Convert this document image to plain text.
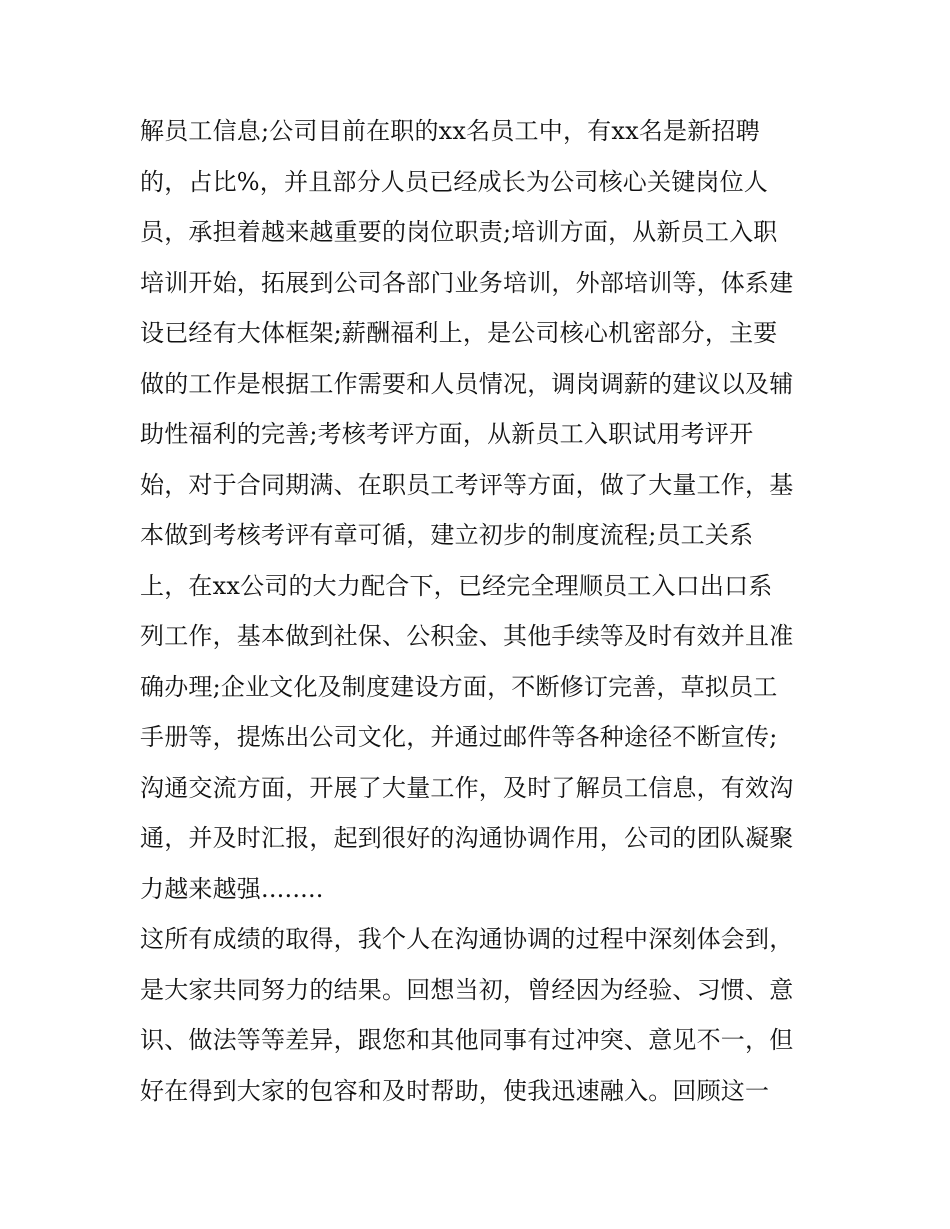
解员工信息;公司目前在职的xx名员工中，有xx名是新招聘
的，占比%，并且部分人员已经成长为公司核心关键岗位人
员，承担着越来越重要的岗位职责;培训方面，从新员工入职
培训开始，拓展到公司各部门业务培训，外部培训等，体系建
设已经有大体框架;薪酬福利上，是公司核心机密部分，主要
做的工作是根据工作需要和人员情况，调岗调薪的建议以及辅
助性福利的完善;考核考评方面，从新员工入职试用考评开
始，对于合同期满、在职员工考评等方面，做了大量工作，基
本做到考核考评有章可循，建立初步的制度流程;员工关系
上，在xx公司的大力配合下，已经完全理顺员工入口出口系
列工作，基本做到社保、公积金、其他手续等及时有效并且准
确办理;企业文化及制度建设方面，不断修订完善，草拟员工
手册等，提炼出公司文化，并通过邮件等各种途径不断宣传;
沟通交流方面，开展了大量工作，及时了解员工信息，有效沟
通，并及时汇报，起到很好的沟通协调作用，公司的团队凝聚
力越来越强........
这所有成绩的取得，我个人在沟通协调的过程中深刻体会到，
是大家共同努力的结果。回想当初，曾经因为经验、习惯、意
识、做法等等差异，跟您和其他同事有过冲突、意见不一，但
好在得到大家的包容和及时帮助，使我迅速融入。回顾这一
